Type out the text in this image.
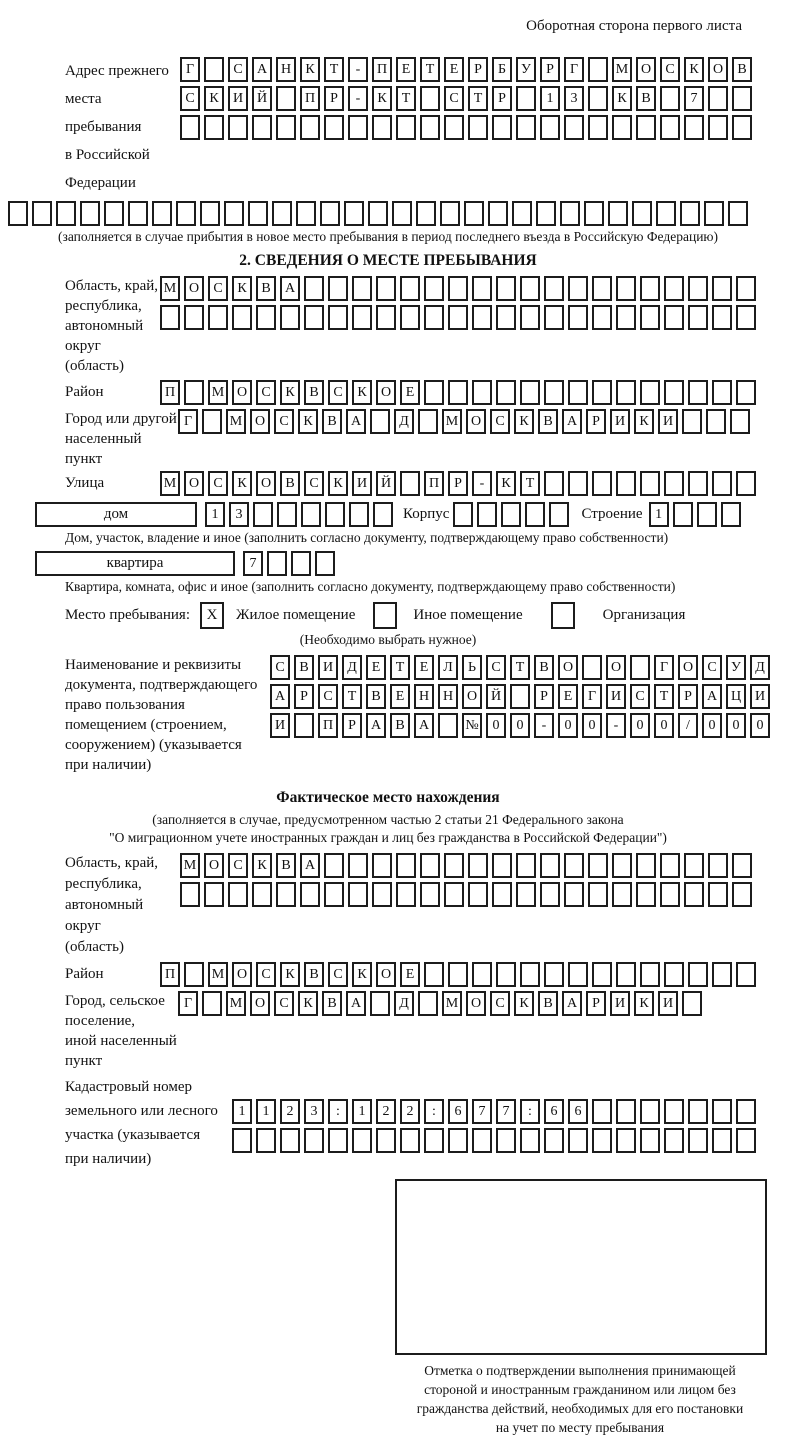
Оборотная сторона первого листа
Адрес прежнего
места пребывания
в Российской
Федерации
Г	С	А Н	К	Т	-	П	Е	Т	Е	Р	Б	У	Р	Г	М О	С	К	О	В
С	К	И Й	П	Р	-	К	Т	С	Т	Р	1	3	К	В	7
(заполняется в случае прибытия в новое место пребывания в период последнего въезда в Российскую Федерацию)
2. СВЕДЕНИЯ О МЕСТЕ ПРЕБЫВАНИЯ
Область, край,
республика,
автономный
округ (область)
М О	С	К	В	А
Район	П	М О	С	К	В	С	К	О	Е
Город или другой
населенный пункт
Г	М О	С	К	В	А	Д	М О	С	К	В	А	Р	И	К	И
Улица	М О	С	К	О	В	С	К	И Й	П	Р	-	К	Т
дом	1	3	Корпус	Строение 1
Дом, участок, владение и иное (заполнить согласно документу, подтверждающему право собственности)
квартира	7
Квартира, комната, офис и иное (заполнить согласно документу, подтверждающему право собственности)
Место пребывания:	X	Жилое помещение	Иное помещение	Организация
(Необходимо выбрать нужное)
Наименование и реквизиты
документа, подтверждающего
право пользования
помещением (строением,
сооружением) (указывается
при наличии)
С	В	И	Д	Е	Т	Е	Л	Ь	С	Т	В	О	О	Г	О	С	У	Д
А	Р	С	Т	В	Е	Н Н О Й	Р	Е	Г	И	С	Т	Р	А Ц И
И	П	Р	А	В	А	№ 0	0	-	0	0	-	0	0	/	0	0	0
Фактическое место нахождения
(заполняется в случае, предусмотренном частью 2 статьи 21 Федерального закона
"О миграционном учете иностранных граждан и лиц без гражданства в Российской Федерации")
Область, край,
республика,
автономный округ
(область)
М О	С	К	В	А
Район	П	М О	С	К	В	С	К	О	Е
Город, сельское поселение,
иной населенный пункт
Г	М О	С	К	В	А	Д	М О	С	К	В	А	Р	И	К	И
Кадастровый номер
земельного или лесного
участка (указывается
при наличии)
1	1	2	3	:	1	2	2	:	6	7	7	:	6	6
Отметка о подтверждении выполнения принимающей
стороной и иностранным гражданином или лицом без
гражданства действий, необходимых для его постановки
на учет по месту пребывания
